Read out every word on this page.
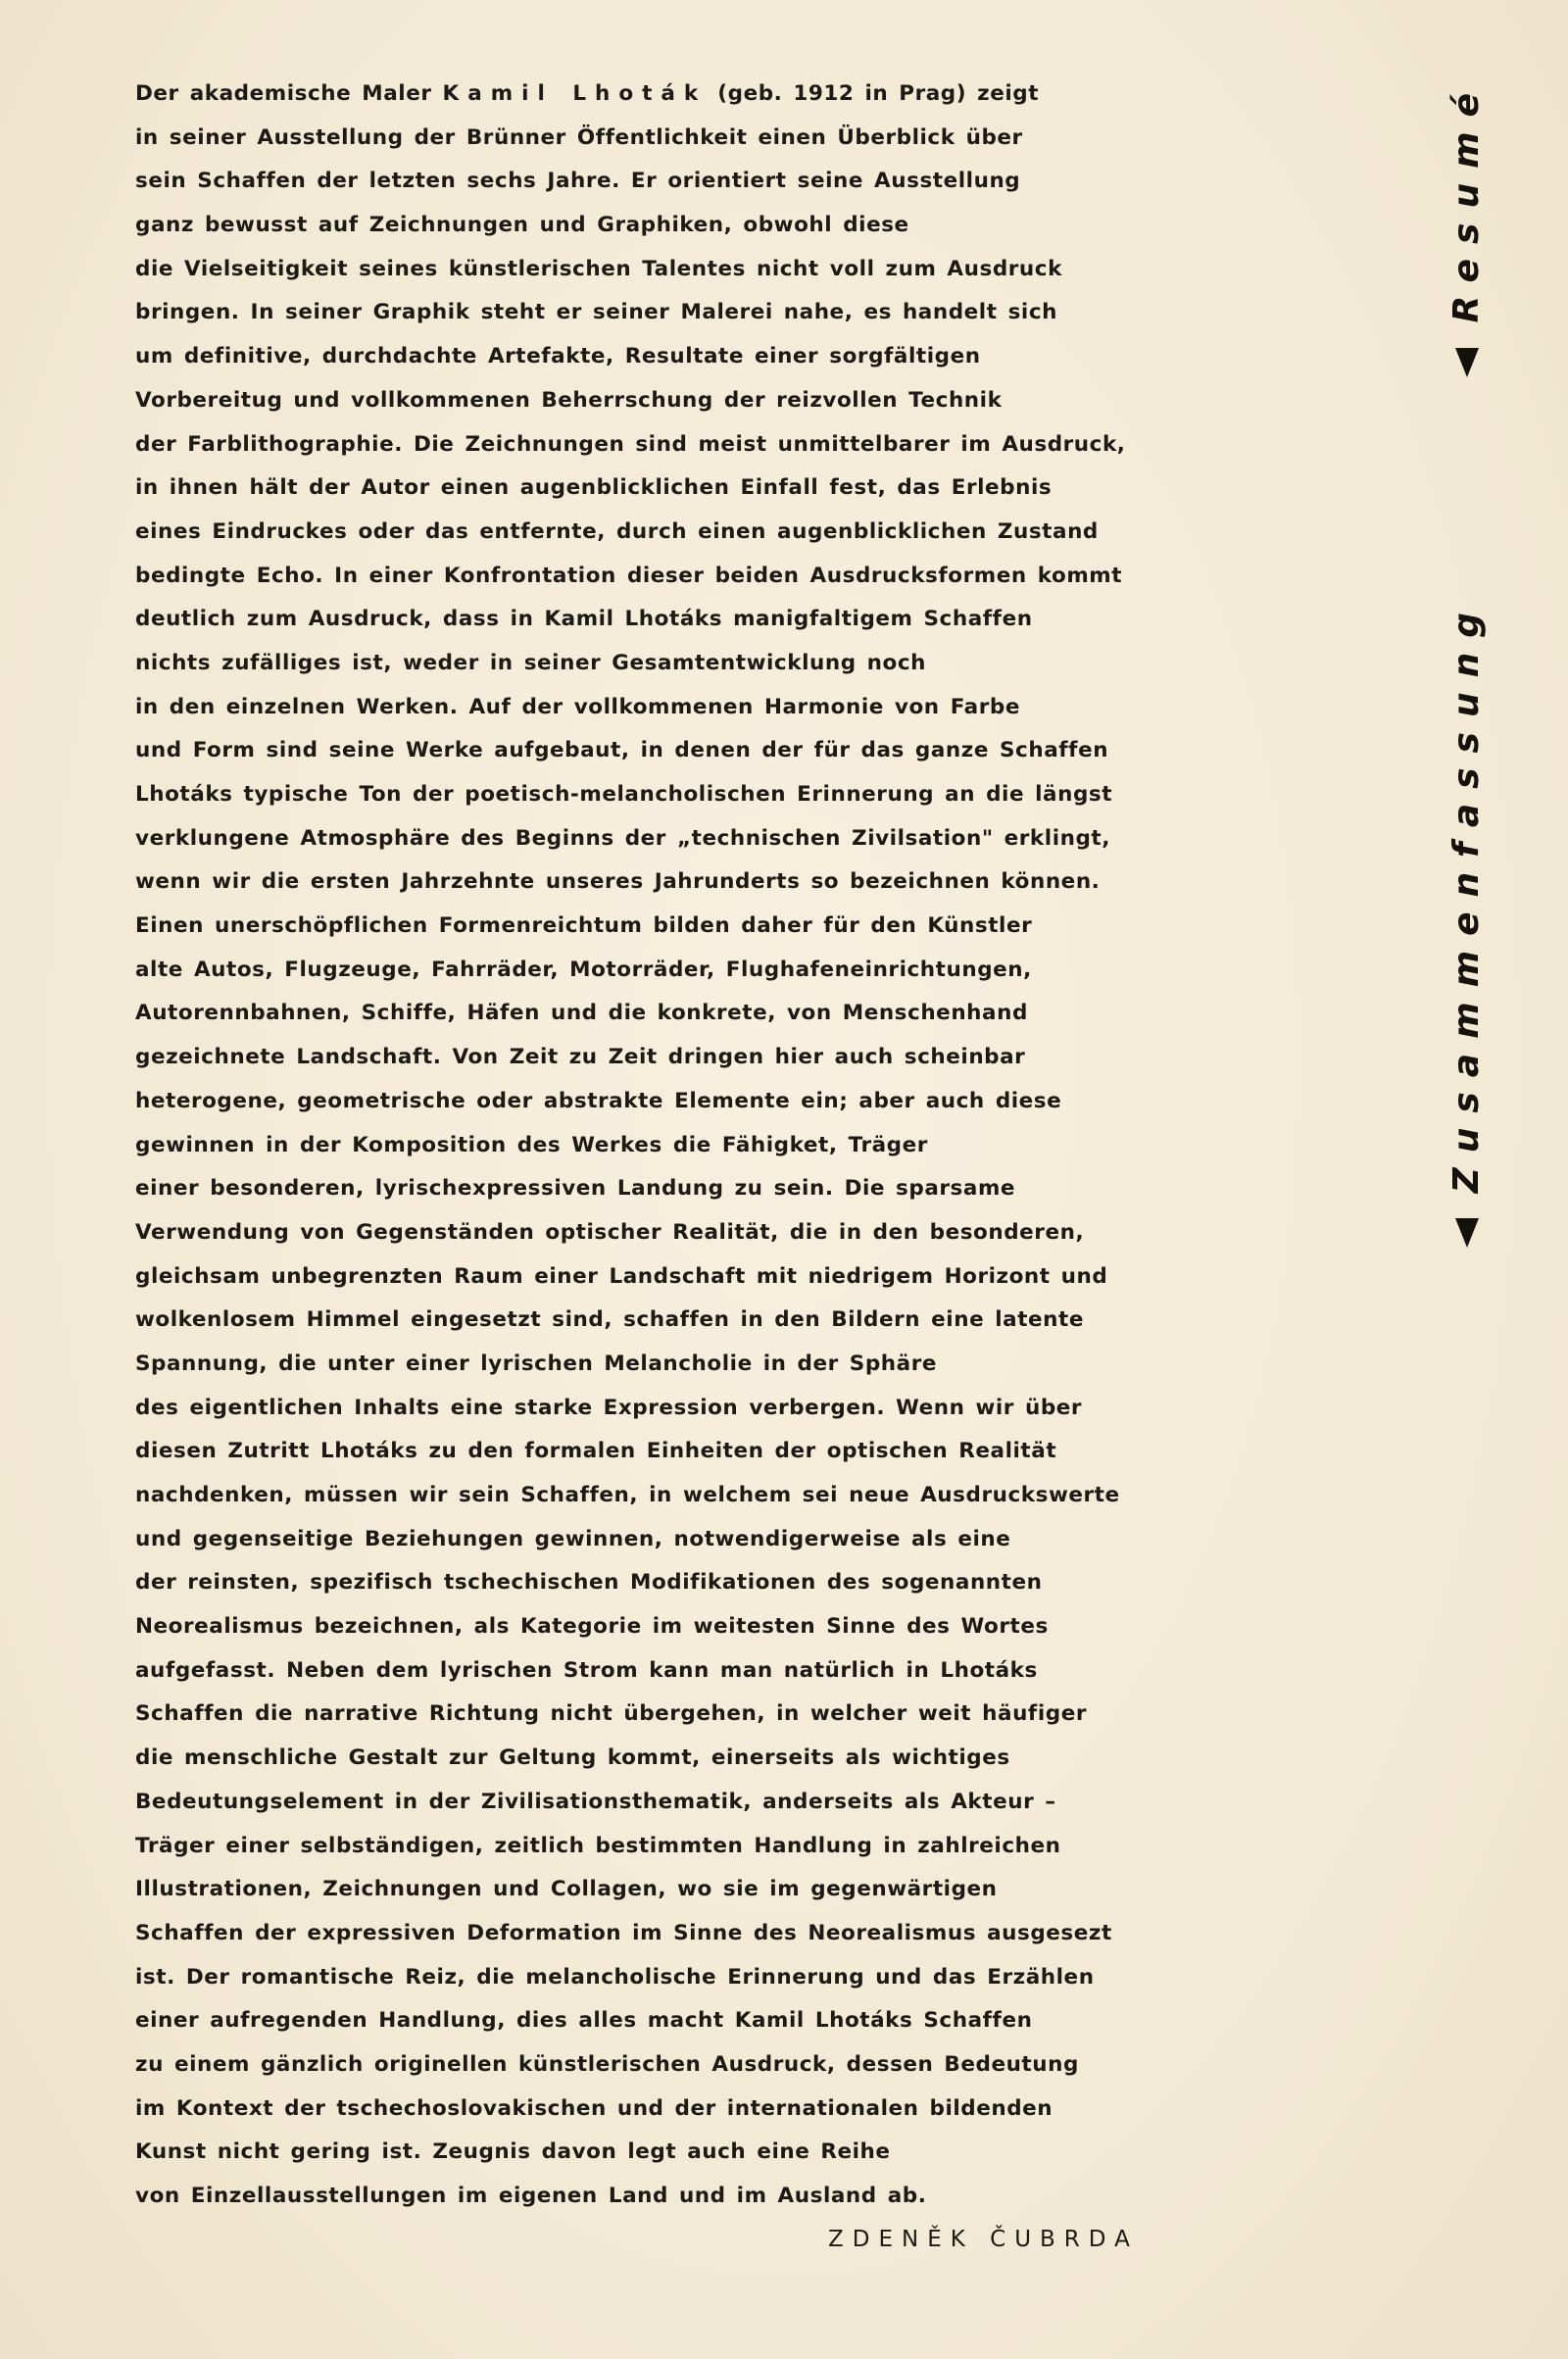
Der akademische Maler Kamil Lhoták (geb. 1912 in Prag) zeigt
in seiner Ausstellung der Brünner Öffentlichkeit einen Überblick über
sein Schaffen der letzten sechs Jahre. Er orientiert seine Ausstellung
ganz bewusst auf Zeichnungen und Graphiken, obwohl diese
die Vielseitigkeit seines künstlerischen Talentes nicht voll zum Ausdruck
bringen. In seiner Graphik steht er seiner Malerei nahe, es handelt sich
um definitive, durchdachte Artefakte, Resultate einer sorgfältigen
Vorbereitug und vollkommenen Beherrschung der reizvollen Technik
der Farblithographie. Die Zeichnungen sind meist unmittelbarer im Ausdruck,
in ihnen hält der Autor einen augenblicklichen Einfall fest, das Erlebnis
eines Eindruckes oder das entfernte, durch einen augenblicklichen Zustand
bedingte Echo. In einer Konfrontation dieser beiden Ausdrucksformen kommt
deutlich zum Ausdruck, dass in Kamil Lhotáks manigfaltigem Schaffen
nichts zufälliges ist, weder in seiner Gesamtentwicklung noch
in den einzelnen Werken. Auf der vollkommenen Harmonie von Farbe
und Form sind seine Werke aufgebaut, in denen der für das ganze Schaffen
Lhotáks typische Ton der poetisch-melancholischen Erinnerung an die längst
verklungene Atmosphäre des Beginns der „technischen Zivilsation" erklingt,
wenn wir die ersten Jahrzehnte unseres Jahrunderts so bezeichnen können.
Einen unerschöpflichen Formenreichtum bilden daher für den Künstler
alte Autos, Flugzeuge, Fahrräder, Motorräder, Flughafeneinrichtungen,
Autorennbahnen, Schiffe, Häfen und die konkrete, von Menschenhand
gezeichnete Landschaft. Von Zeit zu Zeit dringen hier auch scheinbar
heterogene, geometrische oder abstrakte Elemente ein; aber auch diese
gewinnen in der Komposition des Werkes die Fähigket, Träger
einer besonderen, lyrischexpressiven Landung zu sein. Die sparsame
Verwendung von Gegenständen optischer Realität, die in den besonderen,
gleichsam unbegrenzten Raum einer Landschaft mit niedrigem Horizont und
wolkenlosem Himmel eingesetzt sind, schaffen in den Bildern eine latente
Spannung, die unter einer lyrischen Melancholie in der Sphäre
des eigentlichen Inhalts eine starke Expression verbergen. Wenn wir über
diesen Zutritt Lhotáks zu den formalen Einheiten der optischen Realität
nachdenken, müssen wir sein Schaffen, in welchem sei neue Ausdruckswerte
und gegenseitige Beziehungen gewinnen, notwendigerweise als eine
der reinsten, spezifisch tschechischen Modifikationen des sogenannten
Neorealismus bezeichnen, als Kategorie im weitesten Sinne des Wortes
aufgefasst. Neben dem lyrischen Strom kann man natürlich in Lhotáks
Schaffen die narrative Richtung nicht übergehen, in welcher weit häufiger
die menschliche Gestalt zur Geltung kommt, einerseits als wichtiges
Bedeutungselement in der Zivilisationsthematik, anderseits als Akteur –
Träger einer selbständigen, zeitlich bestimmten Handlung in zahlreichen
Illustrationen, Zeichnungen und Collagen, wo sie im gegenwärtigen
Schaffen der expressiven Deformation im Sinne des Neorealismus ausgesezt
ist. Der romantische Reiz, die melancholische Erinnerung und das Erzählen
einer aufregenden Handlung, dies alles macht Kamil Lhotáks Schaffen
zu einem gänzlich originellen künstlerischen Ausdruck, dessen Bedeutung
im Kontext der tschechoslovakischen und der internationalen bildenden
Kunst nicht gering ist. Zeugnis davon legt auch eine Reihe
von Einzellausstellungen im eigenen Land und im Ausland ab.
ZDENĚK ČUBRDA
Resumé
Zusammenfassung
